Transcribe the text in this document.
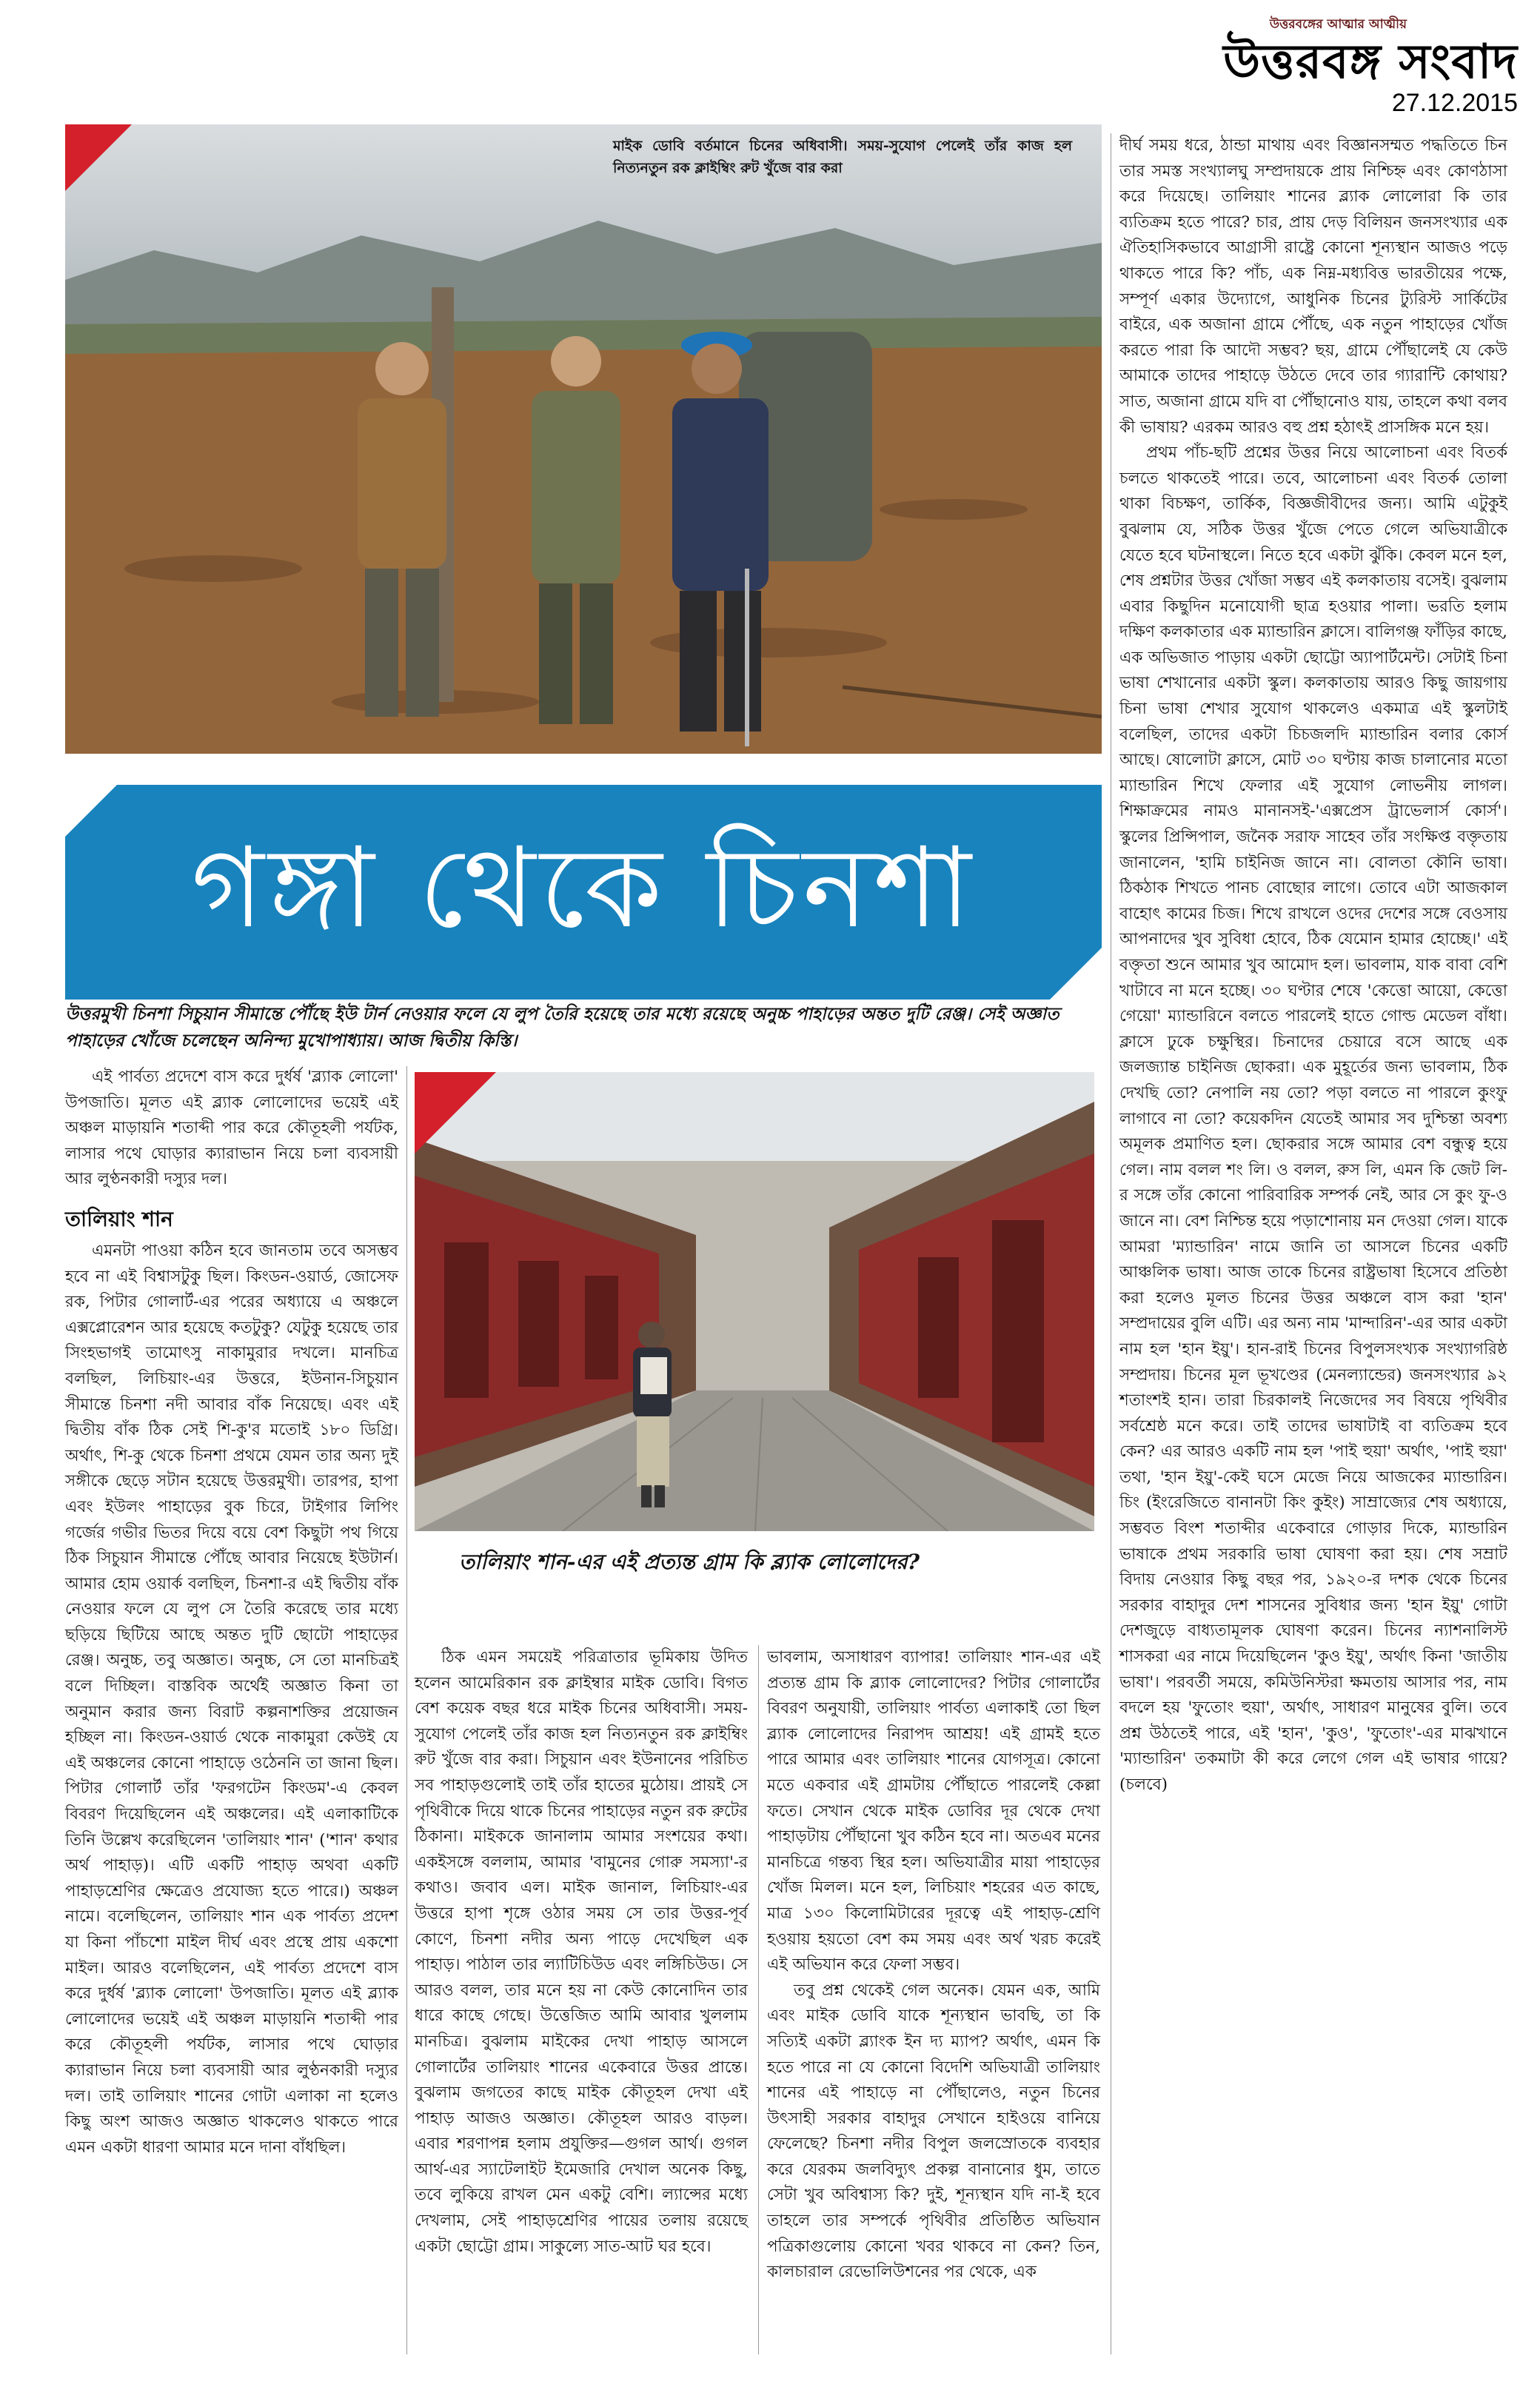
উত্তরবঙ্গের আত্মার আত্মীয়
উত্তরবঙ্গ সংবাদ
27.12.2015
মাইক ডোবি বর্তমানে চিনের অধিবাসী। সময়-সুযোগ পেলেই তাঁর কাজ হল নিত্যনতুন রক ক্লাইম্বিং রুট খুঁজে বার করা
গঙ্গা থেকে চিনশা
উত্তরমুখী চিনশা সিচুয়ান সীমান্তে পৌঁছে ইউ টার্ন নেওয়ার ফলে যে লুপ তৈরি হয়েছে তার মধ্যে রয়েছে অনুচ্চ পাহাড়ের অন্তত দুটি রেঞ্জ। সেই অজ্ঞাত পাহাড়ের খোঁজে চলেছেন অনিন্দ্য মুখোপাধ্যায়। আজ দ্বিতীয় কিস্তি।

এই পার্বত্য প্রদেশে বাস করে দুর্ধর্ষ 'ব্ল্যাক লোলো' উপজাতি। মূলত এই ব্ল্যাক লোলোদের ভয়েই এই অঞ্চল মাড়ায়নি শতাব্দী পার করে কৌতূহলী পর্যটক, লাসার পথে ঘোড়ার ক্যারাভান নিয়ে চলা ব্যবসায়ী আর লুণ্ঠনকারী দস্যুর দল।

তালিয়াং শান

এমনটা পাওয়া কঠিন হবে জানতাম তবে অসম্ভব হবে না এই বিশ্বাসটুকু ছিল। কিংডন-ওয়ার্ড, জোসেফ রক, পিটার গোলার্ট-এর পরের অধ্যায়ে এ অঞ্চলে এক্সপ্লোরেশন আর হয়েছে কতটুকু? যেটুকু হয়েছে তার সিংহভাগই তামোৎসু নাকামুরার দখলে। মানচিত্র বলছিল, লিচিয়াং-এর উত্তরে, ইউনান-সিচুয়ান সীমান্তে চিনশা নদী আবার বাঁক নিয়েছে। এবং এই দ্বিতীয় বাঁক ঠিক সেই শি-কু'র মতোই ১৮০ ডিগ্রি। অর্থাৎ, শি-কু থেকে চিনশা প্রথমে যেমন তার অন্য দুই সঙ্গীকে ছেড়ে সটান হয়েছে উত্তরমুখী। তারপর, হাপা এবং ইউলং পাহাড়ের বুক চিরে, টাইগার লিপিং গর্জের গভীর ভিতর দিয়ে বয়ে বেশ কিছুটা পথ গিয়ে ঠিক সিচুয়ান সীমান্তে পৌঁছে আবার নিয়েছে ইউটার্ন। আমার হোম ওয়ার্ক বলছিল, চিনশা-র এই দ্বিতীয় বাঁক নেওয়ার ফলে যে লুপ সে তৈরি করেছে তার মধ্যে ছড়িয়ে ছিটিয়ে আছে অন্তত দুটি ছোটো পাহাড়ের রেঞ্জ। অনুচ্চ, তবু অজ্ঞাত। অনুচ্চ, সে তো মানচিত্রই বলে দিচ্ছিল। বাস্তবিক অর্থেই অজ্ঞাত কিনা তা অনুমান করার জন্য বিরাট কল্পনাশক্তির প্রয়োজন হচ্ছিল না। কিংডন-ওয়ার্ড থেকে নাকামুরা কেউই যে এই অঞ্চলের কোনো পাহাড়ে ওঠেননি তা জানা ছিল। পিটার গোলার্ট তাঁর 'ফরগটেন কিংডম'-এ কেবল বিবরণ দিয়েছিলেন এই অঞ্চলের। এই এলাকাটিকে তিনি উল্লেখ করেছিলেন 'তালিয়াং শান' ('শান' কথার অর্থ পাহাড়)। এটি একটি পাহাড় অথবা একটি পাহাড়শ্রেণির ক্ষেত্রেও প্রযোজ্য হতে পারে।) অঞ্চল নামে। বলেছিলেন, তালিয়াং শান এক পার্বত্য প্রদেশ যা কিনা পাঁচশো মাইল দীর্ঘ এবং প্রস্থে প্রায় একশো মাইল। আরও বলেছিলেন, এই পার্বত্য প্রদেশে বাস করে দুর্ধর্ষ 'ব্ল্যাক লোলো' উপজাতি। মূলত এই ব্ল্যাক লোলোদের ভয়েই এই অঞ্চল মাড়ায়নি শতাব্দী পার করে কৌতূহলী পর্যটক, লাসার পথে ঘোড়ার ক্যারাভান নিয়ে চলা ব্যবসায়ী আর লুণ্ঠনকারী দস্যুর দল। তাই তালিয়াং শানের গোটা এলাকা না হলেও কিছু অংশ আজও অজ্ঞাত থাকলেও থাকতে পারে এমন একটা ধারণা আমার মনে দানা বাঁধছিল।

তালিয়াং শান-এর এই প্রত্যন্ত গ্রাম কি ব্ল্যাক লোলোদের?

ঠিক এমন সময়েই পরিত্রাতার ভূমিকায় উদিত হলেন আমেরিকান রক ক্লাইম্বার মাইক ডোবি। বিগত বেশ কয়েক বছর ধরে মাইক চিনের অধিবাসী। সময়-সুযোগ পেলেই তাঁর কাজ হল নিত্যনতুন রক ক্লাইম্বিং রুট খুঁজে বার করা। সিচুয়ান এবং ইউনানের পরিচিত সব পাহাড়গুলোই তাই তাঁর হাতের মুঠোয়। প্রায়ই সে পৃথিবীকে দিয়ে থাকে চিনের পাহাড়ের নতুন রক রুটের ঠিকানা। মাইককে জানালাম আমার সংশয়ের কথা। একইসঙ্গে বললাম, আমার 'বামুনের গোরু সমস্যা'-র কথাও। জবাব এল। মাইক জানাল, লিচিয়াং-এর উত্তরে হাপা শৃঙ্গে ওঠার সময় সে তার উত্তর-পূর্ব কোণে, চিনশা নদীর অন্য পাড়ে দেখেছিল এক পাহাড়। পাঠাল তার ল্যাটিচিউড এবং লঙ্গিচিউড। সে আরও বলল, তার মনে হয় না কেউ কোনোদিন তার ধারে কাছে গেছে। উত্তেজিত আমি আবার খুললাম মানচিত্র। বুঝলাম মাইকের দেখা পাহাড় আসলে গোলার্টের তালিয়াং শানের একেবারে উত্তর প্রান্তে। বুঝলাম জগতের কাছে মাইক কৌতূহল দেখা এই পাহাড় আজও অজ্ঞাত। কৌতূহল আরও বাড়ল। এবার শরণাপন্ন হলাম প্রযুক্তির—গুগল আর্থ। গুগল আর্থ-এর স্যাটেলাইট ইমেজারি দেখাল অনেক কিছু, তবে লুকিয়ে রাখল মেন একটু বেশি। ল্যান্সের মধ্যে দেখলাম, সেই পাহাড়শ্রেণির পায়ের তলায় রয়েছে একটা ছোট্টো গ্রাম। সাকুল্যে সাত-আট ঘর হবে।

ভাবলাম, অসাধারণ ব্যাপার! তালিয়াং শান-এর এই প্রত্যন্ত গ্রাম কি ব্ল্যাক লোলোদের? পিটার গোলার্টের বিবরণ অনুযায়ী, তালিয়াং পার্বত্য এলাকাই তো ছিল ব্ল্যাক লোলোদের নিরাপদ আশ্রয়! এই গ্রামই হতে পারে আমার এবং তালিয়াং শানের যোগসূত্র। কোনো মতে একবার এই গ্রামটায় পৌঁছাতে পারলেই কেল্লা ফতে। সেখান থেকে মাইক ডোবির দূর থেকে দেখা পাহাড়টায় পৌঁছানো খুব কঠিন হবে না। অতএব মনের মানচিত্রে গন্তব্য স্থির হল। অভিযাত্রীর মায়া পাহাড়ের খোঁজ মিলল। মনে হল, লিচিয়াং শহরের এত কাছে, মাত্র ১৩০ কিলোমিটারের দূরত্বে এই পাহাড়-শ্রেণি হওয়ায় হয়তো বেশ কম সময় এবং অর্থ খরচ করেই এই অভিযান করে ফেলা সম্ভব।

তবু প্রশ্ন থেকেই গেল অনেক। যেমন এক, আমি এবং মাইক ডোবি যাকে শূন্যস্থান ভাবছি, তা কি সত্যিই একটা ব্ল্যাংক ইন দ্য ম্যাপ? অর্থাৎ, এমন কি হতে পারে না যে কোনো বিদেশি অভিযাত্রী তালিয়াং শানের এই পাহাড়ে না পৌঁছালেও, নতুন চিনের উৎসাহী সরকার বাহাদুর সেখানে হাইওয়ে বানিয়ে ফেলেছে? চিনশা নদীর বিপুল জলস্রোতকে ব্যবহার করে যেরকম জলবিদ্যুৎ প্রকল্প বানানোর ধুম, তাতে সেটা খুব অবিশ্বাস্য কি? দুই, শূন্যস্থান যদি না-ই হবে তাহলে তার সম্পর্কে পৃথিবীর প্রতিষ্ঠিত অভিযান পত্রিকাগুলোয় কোনো খবর থাকবে না কেন? তিন, কালচারাল রেভোলিউশনের পর থেকে, এক

দীর্ঘ সময় ধরে, ঠান্ডা মাথায় এবং বিজ্ঞানসম্মত পদ্ধতিতে চিন তার সমস্ত সংখ্যালঘু সম্প্রদায়কে প্রায় নিশ্চিহ্ন এবং কোণঠাসা করে দিয়েছে। তালিয়াং শানের ব্ল্যাক লোলোরা কি তার ব্যতিক্রম হতে পারে? চার, প্রায় দেড় বিলিয়ন জনসংখ্যার এক ঐতিহাসিকভাবে আগ্রাসী রাষ্ট্রে কোনো শূন্যস্থান আজও পড়ে থাকতে পারে কি? পাঁচ, এক নিম্ন-মধ্যবিত্ত ভারতীয়ের পক্ষে, সম্পূর্ণ একার উদ্যোগে, আধুনিক চিনের ট্যুরিস্ট সার্কিটের বাইরে, এক অজানা গ্রামে পৌঁছে, এক নতুন পাহাড়ের খোঁজ করতে পারা কি আদৌ সম্ভব? ছয়, গ্রামে পৌঁছালেই যে কেউ আমাকে তাদের পাহাড়ে উঠতে দেবে তার গ্যারান্টি কোথায়? সাত, অজানা গ্রামে যদি বা পৌঁছানোও যায়, তাহলে কথা বলব কী ভাষায়? এরকম আরও বহু প্রশ্ন হঠাৎই প্রাসঙ্গিক মনে হয়।

প্রথম পাঁচ-ছটি প্রশ্নের উত্তর নিয়ে আলোচনা এবং বিতর্ক চলতে থাকতেই পারে। তবে, আলোচনা এবং বিতর্ক তোলা থাকা বিচক্ষণ, তার্কিক, বিজ্ঞজীবীদের জন্য। আমি এটুকুই বুঝলাম যে, সঠিক উত্তর খুঁজে পেতে গেলে অভিযাত্রীকে যেতে হবে ঘটনাস্থলে। নিতে হবে একটা ঝুঁকি। কেবল মনে হল, শেষ প্রশ্নটার উত্তর খোঁজা সম্ভব এই কলকাতায় বসেই। বুঝলাম এবার কিছুদিন মনোযোগী ছাত্র হওয়ার পালা। ভরতি হলাম দক্ষিণ কলকাতার এক ম্যান্ডারিন ক্লাসে। বালিগঞ্জ ফাঁড়ির কাছে, এক অভিজাত পাড়ায় একটা ছোট্টো অ্যাপার্টমেন্ট। সেটাই চিনা ভাষা শেখানোর একটা স্কুল। কলকাতায় আরও কিছু জায়গায় চিনা ভাষা শেখার সুযোগ থাকলেও একমাত্র এই স্কুলটাই বলেছিল, তাদের একটা চিচজলদি ম্যান্ডারিন বলার কোর্স আছে। ষোলোটা ক্লাসে, মোট ৩০ ঘণ্টায় কাজ চালানোর মতো ম্যান্ডারিন শিখে ফেলার এই সুযোগ লোভনীয় লাগল। শিক্ষাক্রমের নামও মানানসই-'এক্সপ্রেস ট্রাভেলার্স কোর্স'। স্কুলের প্রিন্সিপাল, জনৈক সরাফ সাহেব তাঁর সংক্ষিপ্ত বক্তৃতায় জানালেন, 'হামি চাইনিজ জানে না। বোলতা কৌনি ভাষা। ঠিকঠাক শিখতে পানচ বোছোর লাগে। তোবে এটা আজকাল বাহোৎ কামের চিজ। শিখে রাখলে ওদের দেশের সঙ্গে বেওসায় আপনাদের খুব সুবিধা হোবে, ঠিক যেমোন হামার হোচ্ছে।' এই বক্তৃতা শুনে আমার খুব আমোদ হল। ভাবলাম, যাক বাবা বেশি খাটাবে না মনে হচ্ছে। ৩০ ঘণ্টার শেষে 'কেত্তো আয়ো, কেত্তো গেয়ো' ম্যান্ডারিনে বলতে পারলেই হাতে গোল্ড মেডেল বাঁধা। ক্লাসে ঢুকে চক্ষুস্থির। চিনাদের চেয়ারে বসে আছে এক জলজ্যান্ত চাইনিজ ছোকরা। এক মুহূর্তের জন্য ভাবলাম, ঠিক দেখছি তো? নেপালি নয় তো? পড়া বলতে না পারলে কুংফু লাগাবে না তো? কয়েকদিন যেতেই আমার সব দুশ্চিন্তা অবশ্য অমূলক প্রমাণিত হল। ছোকরার সঙ্গে আমার বেশ বন্ধুত্ব হয়ে গেল। নাম বলল শং লি। ও বলল, রুস লি, এমন কি জেট লি-র সঙ্গে তাঁর কোনো পারিবারিক সম্পর্ক নেই, আর সে কুং ফু-ও জানে না। বেশ নিশ্চিন্ত হয়ে পড়াশোনায় মন দেওয়া গেল। যাকে আমরা 'ম্যান্ডারিন' নামে জানি তা আসলে চিনের একটি আঞ্চলিক ভাষা। আজ তাকে চিনের রাষ্ট্রভাষা হিসেবে প্রতিষ্ঠা করা হলেও মূলত চিনের উত্তর অঞ্চলে বাস করা 'হান' সম্প্রদায়ের বুলি এটি। এর অন্য নাম 'মান্দারিন'-এর আর একটা নাম হল 'হান ইয়ু'। হান-রাই চিনের বিপুলসংখ্যক সংখ্যাগরিষ্ঠ সম্প্রদায়। চিনের মূল ভূখণ্ডের (মেনল্যান্ডের) জনসংখ্যার ৯২ শতাংশই হান। তারা চিরকালই নিজেদের সব বিষয়ে পৃথিবীর সর্বশ্রেষ্ঠ মনে করে। তাই তাদের ভাষাটাই বা ব্যতিক্রম হবে কেন? এর আরও একটি নাম হল 'পাই হুয়া' অর্থাৎ, 'পাই হুয়া' তথা, 'হান ইয়ু'-কেই ঘসে মেজে নিয়ে আজকের ম্যান্ডারিন। চিং (ইংরেজিতে বানানটা কিং কুইং) সাম্রাজ্যের শেষ অধ্যায়ে, সম্ভবত বিংশ শতাব্দীর একেবারে গোড়ার দিকে, ম্যান্ডারিন ভাষাকে প্রথম সরকারি ভাষা ঘোষণা করা হয়। শেষ সম্রাট বিদায় নেওয়ার কিছু বছর পর, ১৯২০-র দশক থেকে চিনের সরকার বাহাদুর দেশ শাসনের সুবিধার জন্য 'হান ইয়ু' গোটা দেশজুড়ে বাধ্যতামূলক ঘোষণা করেন। চিনের ন্যাশনালিস্ট শাসকরা এর নামে দিয়েছিলেন 'কুও ইয়ু', অর্থাৎ কিনা 'জাতীয় ভাষা'। পরবর্তী সময়ে, কমিউনিস্টরা ক্ষমতায় আসার পর, নাম বদলে হয় 'ফুতোং হুয়া', অর্থাৎ, সাধারণ মানুষের বুলি। তবে প্রশ্ন উঠতেই পারে, এই 'হান', 'কুও', 'ফুতোং'-এর মাঝখানে 'ম্যান্ডারিন' তকমাটা কী করে লেগে গেল এই ভাষার গায়ে? (চলবে)
